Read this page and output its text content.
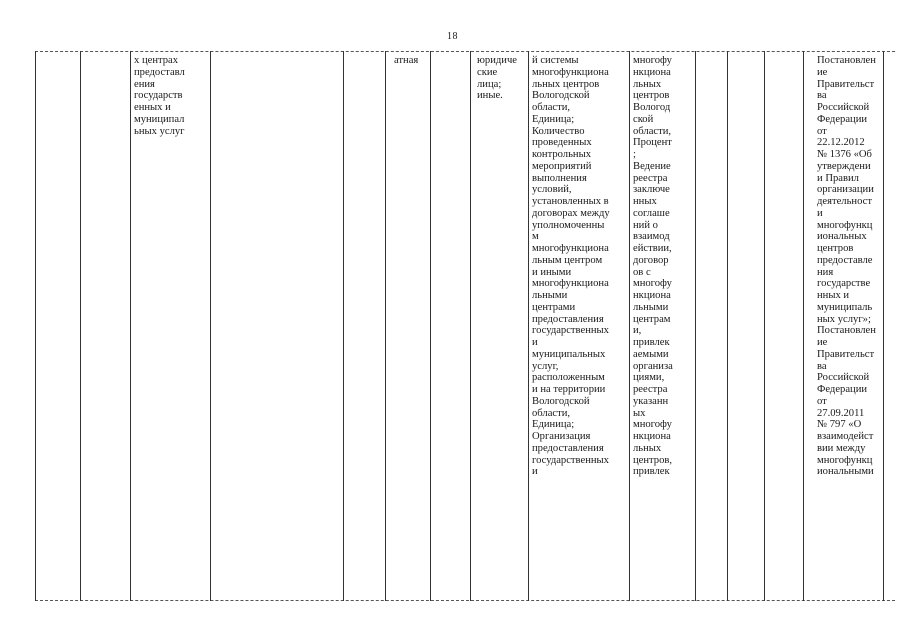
18
х центрах
предоставл
ения
государств
енных и
муниципал
ьных услуг
атная	юридиче
ские
лица;
иные.
й системы
многофункциона
льных центров
Вологодской
области,
Единица;
Количество
проведенных
контрольных
мероприятий
выполнения
условий,
установленных в
договорах между
уполномоченны
м
многофункциона
льным центром
и иными
многофункциона
льными
центрами
предоставления
государственных
и
муниципальных
услуг,
расположенным
и на территории
Вологодской
области,
Единица;
Организация
предоставления
государственных
и
многофу
нкциона
льных
центров
Вологод
ской
области,
Процент
;
Ведение
реестра
заключе
нных
соглаше
ний о
взаимод
ействии,
договор
ов с
многофу
нкциона
льными
центрам
и,
привлек
аемыми
организа
циями,
реестра
указанн
ых
многофу
нкциона
льных
центров,
привлек
Постановлен
ие
Правительст
ва
Российской
Федерации
от
22.12.2012
№ 1376 «Об
утверждени
и Правил
организации
деятельност
и
многофункц
иональных
центров
предоставле
ния
государстве
нных и
муниципаль
ных услуг»;
Постановлен
ие
Правительст
ва
Российской
Федерации
от
27.09.2011
№ 797 «О
взаимодейст
вии между
многофункц
иональными
